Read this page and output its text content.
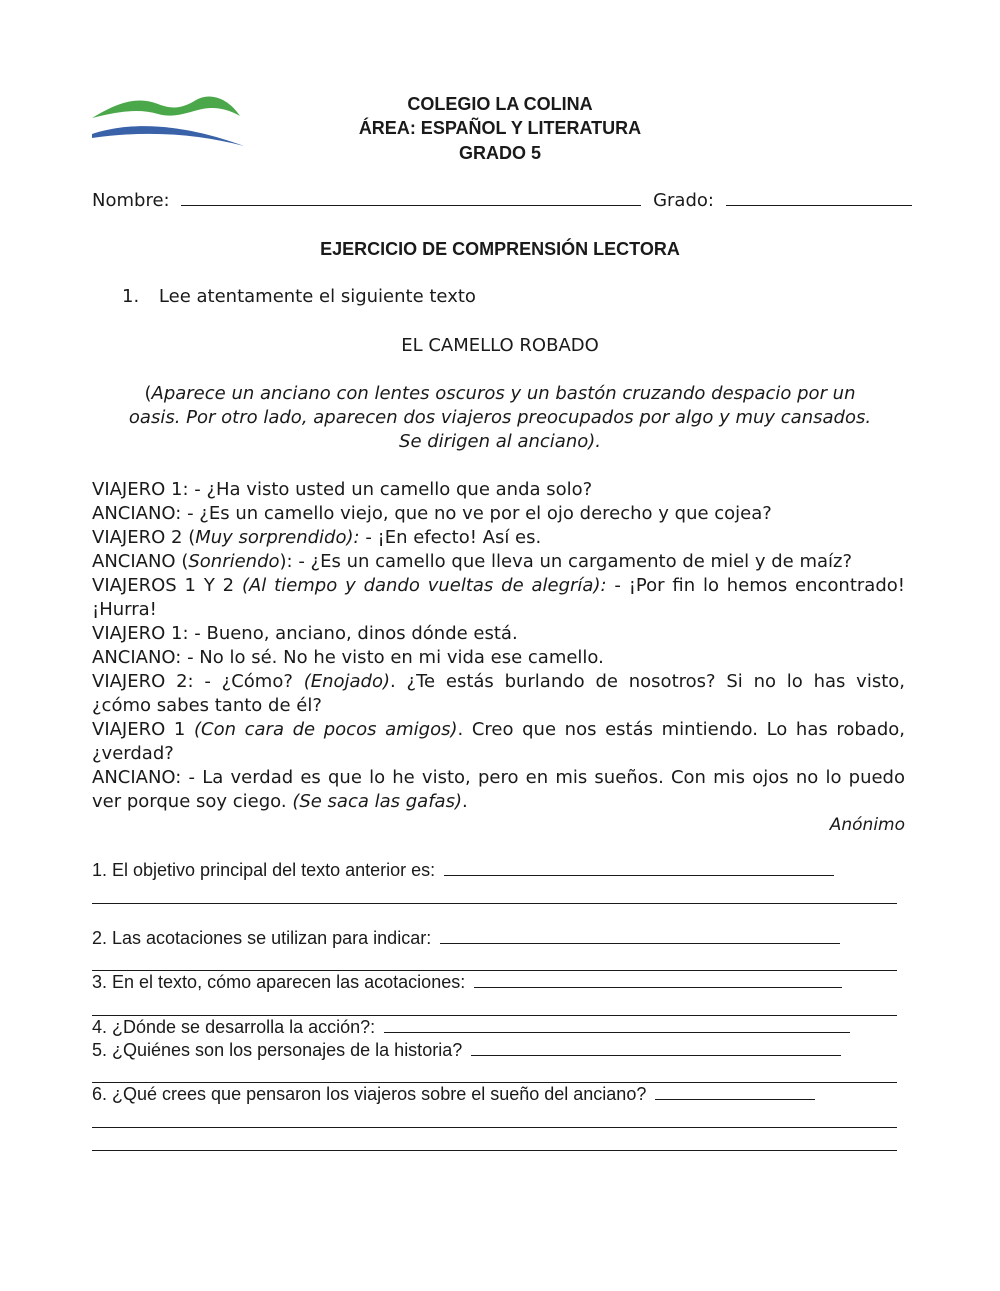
COLEGIO LA COLINA
ÁREA: ESPAÑOL Y LITERATURA
GRADO 5
Nombre:	Grado:
EJERCICIO DE COMPRENSIÓN LECTORA
1. Lee atentamente el siguiente texto
EL CAMELLO ROBADO
(Aparece un anciano con lentes oscuros y un bastón cruzando despacio por un
oasis. Por otro lado, aparecen dos viajeros preocupados por algo y muy cansados.
Se dirigen al anciano).
VIAJERO 1: - ¿Ha visto usted un camello que anda solo?
ANCIANO: - ¿Es un camello viejo, que no ve por el ojo derecho y que cojea?
VIAJERO 2 (Muy sorprendido): - ¡En efecto! Así es.
ANCIANO (Sonriendo): - ¿Es un camello que lleva un cargamento de miel y de maíz?
VIAJEROS 1 Y 2 (Al tiempo y dando vueltas de alegría): - ¡Por fin lo hemos encontrado!
¡Hurra!
VIAJERO 1: - Bueno, anciano, dinos dónde está.
ANCIANO: - No lo sé. No he visto en mi vida ese camello.
VIAJERO 2: - ¿Cómo? (Enojado). ¿Te estás burlando de nosotros? Si no lo has visto,
¿cómo sabes tanto de él?
VIAJERO 1 (Con cara de pocos amigos). Creo que nos estás mintiendo. Lo has robado,
¿verdad?
ANCIANO: - La verdad es que lo he visto, pero en mis sueños. Con mis ojos no lo puedo
ver porque soy ciego. (Se saca las gafas).
Anónimo
1. El objetivo principal del texto anterior es:
2. Las acotaciones se utilizan para indicar:
3. En el texto, cómo aparecen las acotaciones:
4. ¿Dónde se desarrolla la acción?:
5. ¿Quiénes son los personajes de la historia?
6. ¿Qué crees que pensaron los viajeros sobre el sueño del anciano?
